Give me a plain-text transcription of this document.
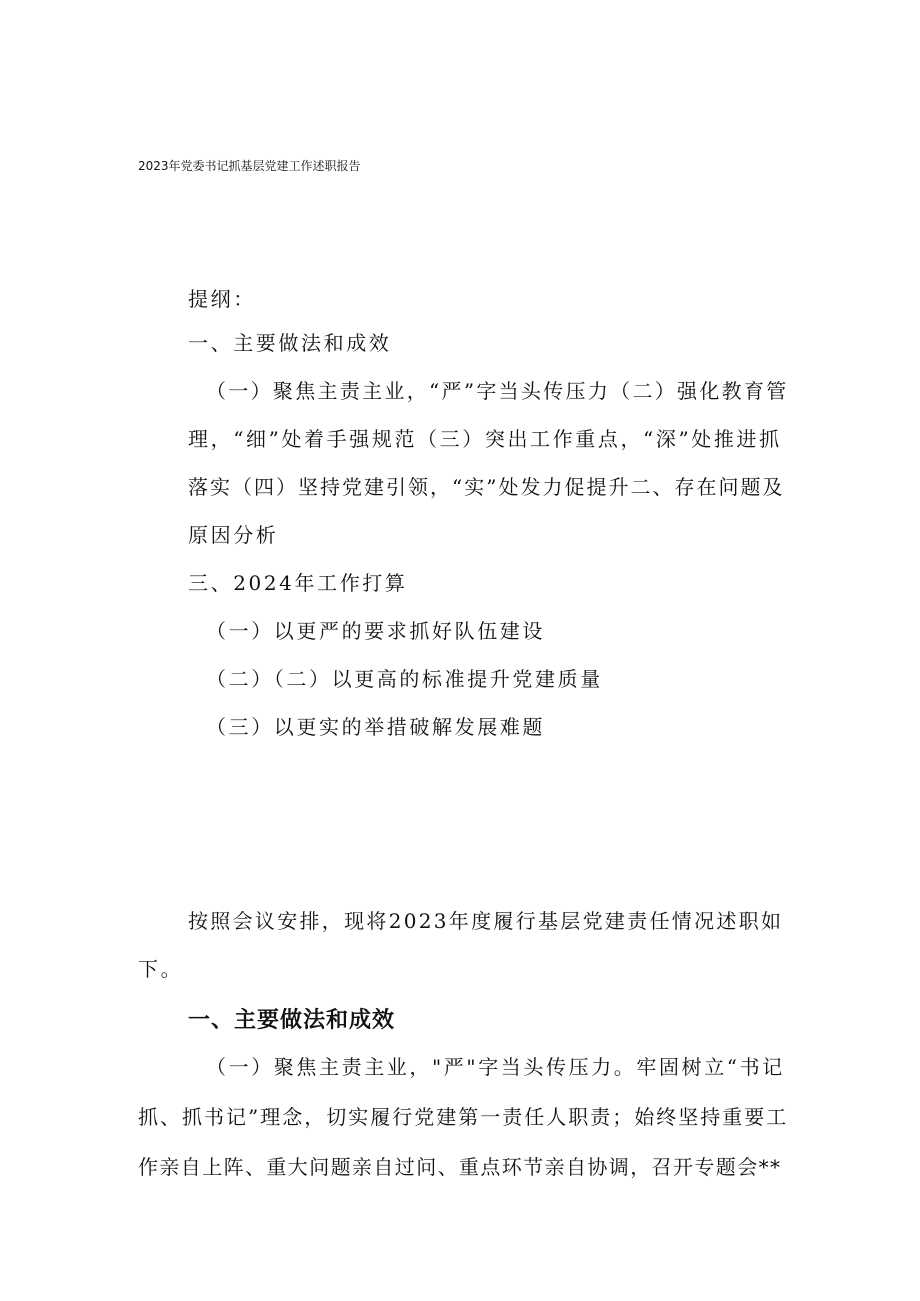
2023年党委书记抓基层党建工作述职报告
提纲：
一、主要做法和成效
（一）聚焦主责主业，“严”字当头传压力（二）强化教育管
理，“细”处着手强规范（三）突出工作重点，“深”处推进抓
落实（四）坚持党建引领，“实”处发力促提升二、存在问题及
原因分析
三、2024年工作打算
（一）以更严的要求抓好队伍建设
（二）（二）以更高的标准提升党建质量
（三）以更实的举措破解发展难题
按照会议安排，现将2023年度履行基层党建责任情况述职如
下。
一、主要做法和成效
（一）聚焦主责主业，"严"字当头传压力。牢固树立“书记
抓、抓书记”理念，切实履行党建第一责任人职责；始终坚持重要工
作亲自上阵、重大问题亲自过问、重点环节亲自协调，召开专题会**
